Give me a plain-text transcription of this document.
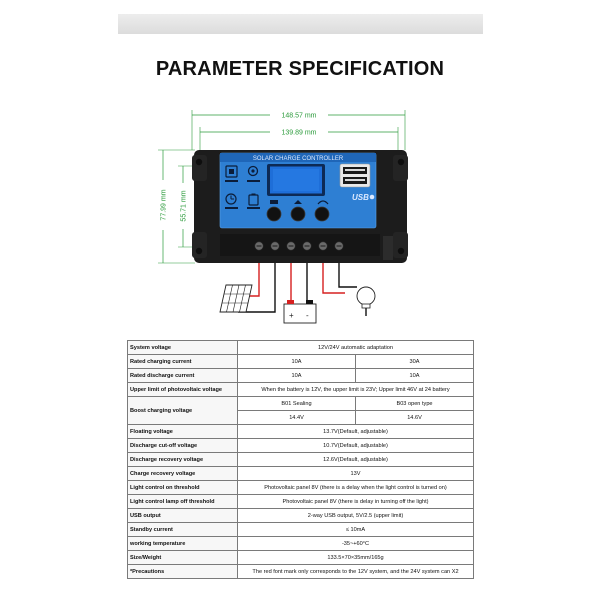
PARAMETER SPECIFICATION
148.57 mm
139.89 mm
77.99 mm 55.71 mm
SOLAR CHARGE CONTROLLER
USB
+ -
System voltage	12V/24V automatic adaptation	
Rated charging current	10A	30A
Rated discharge current	10A	10A
Upper limit of photovoltaic voltage	When the battery is 12V, the upper limit is 23V; Upper limit 46V at 24 battery	
Boost charging voltage	B01 Sealing	B03 open type
	14.4V	14.6V
Floating voltage	13.7V(Default, adjustable)	
Discharge cut-off voltage	10.7V(Default, adjustable)	
Discharge recovery voltage	12.6V(Default, adjustable)	
Charge recovery voltage	13V	
Light control on threshold	Photovoltaic panel 8V (there is a delay when the light control is turned on)	
Light control lamp off threshold	Photovoltaic panel 8V (there is delay in turning off the light)	
USB output	2-way USB output, 5V/2.5 (upper limit)	
Standby current	≤ 10mA	
working temperature	-35~+60°C	
Size/Weight	133.5×70×35mm/165g	
*Precautions	The red font mark only corresponds to the 12V system, and the 24V system can X2	
